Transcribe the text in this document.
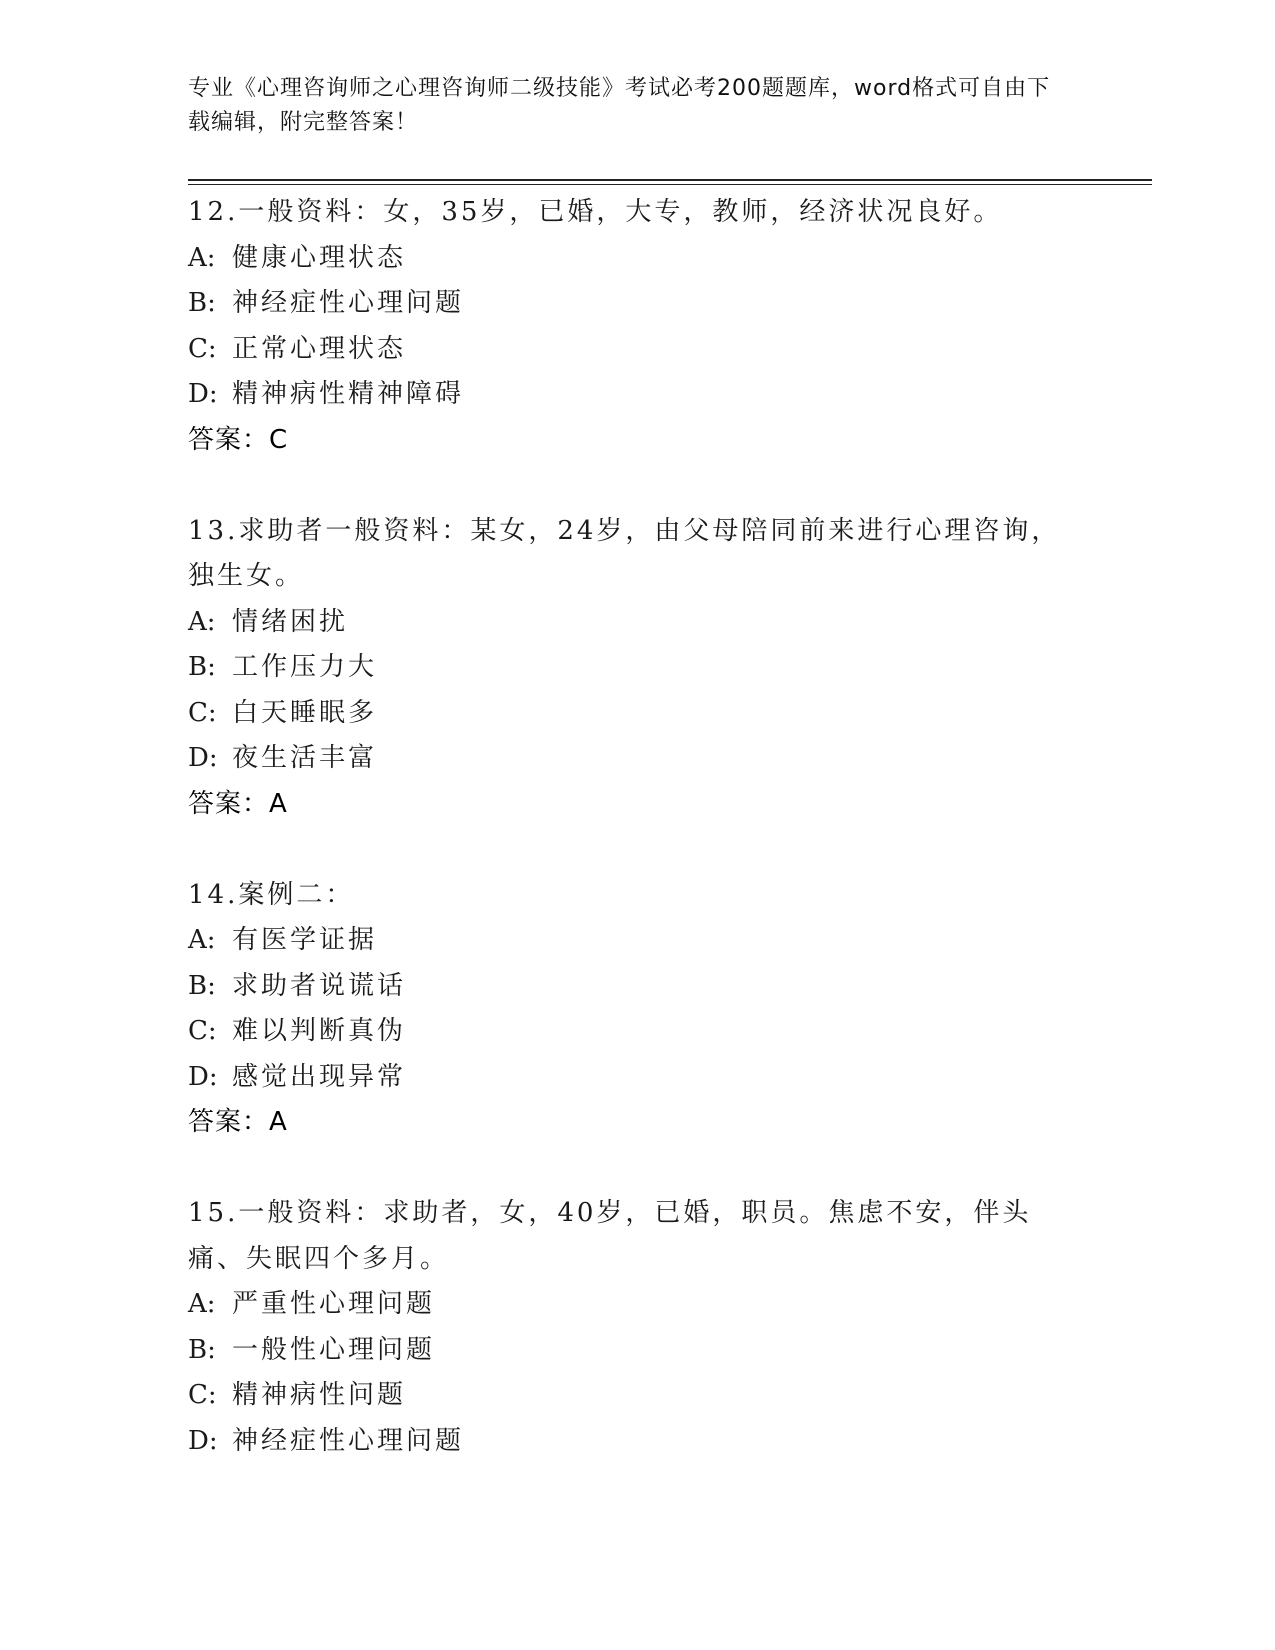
专业《心理咨询师之心理咨询师二级技能》考试必考200题题库，word格式可自由下载编辑，附完整答案！
12.一般资料：女，35岁，已婚，大专，教师，经济状况良好。
A: 健康心理状态
B: 神经症性心理问题
C: 正常心理状态
D: 精神病性精神障碍
答案：C
13.求助者一般资料：某女，24岁，由父母陪同前来进行心理咨询，独生女。
A: 情绪困扰
B: 工作压力大
C: 白天睡眠多
D: 夜生活丰富
答案：A
14.案例二：
A: 有医学证据
B: 求助者说谎话
C: 难以判断真伪
D: 感觉出现异常
答案：A
15.一般资料：求助者，女，40岁，已婚，职员。焦虑不安，伴头痛、失眠四个多月。
A: 严重性心理问题
B: 一般性心理问题
C: 精神病性问题
D: 神经症性心理问题
